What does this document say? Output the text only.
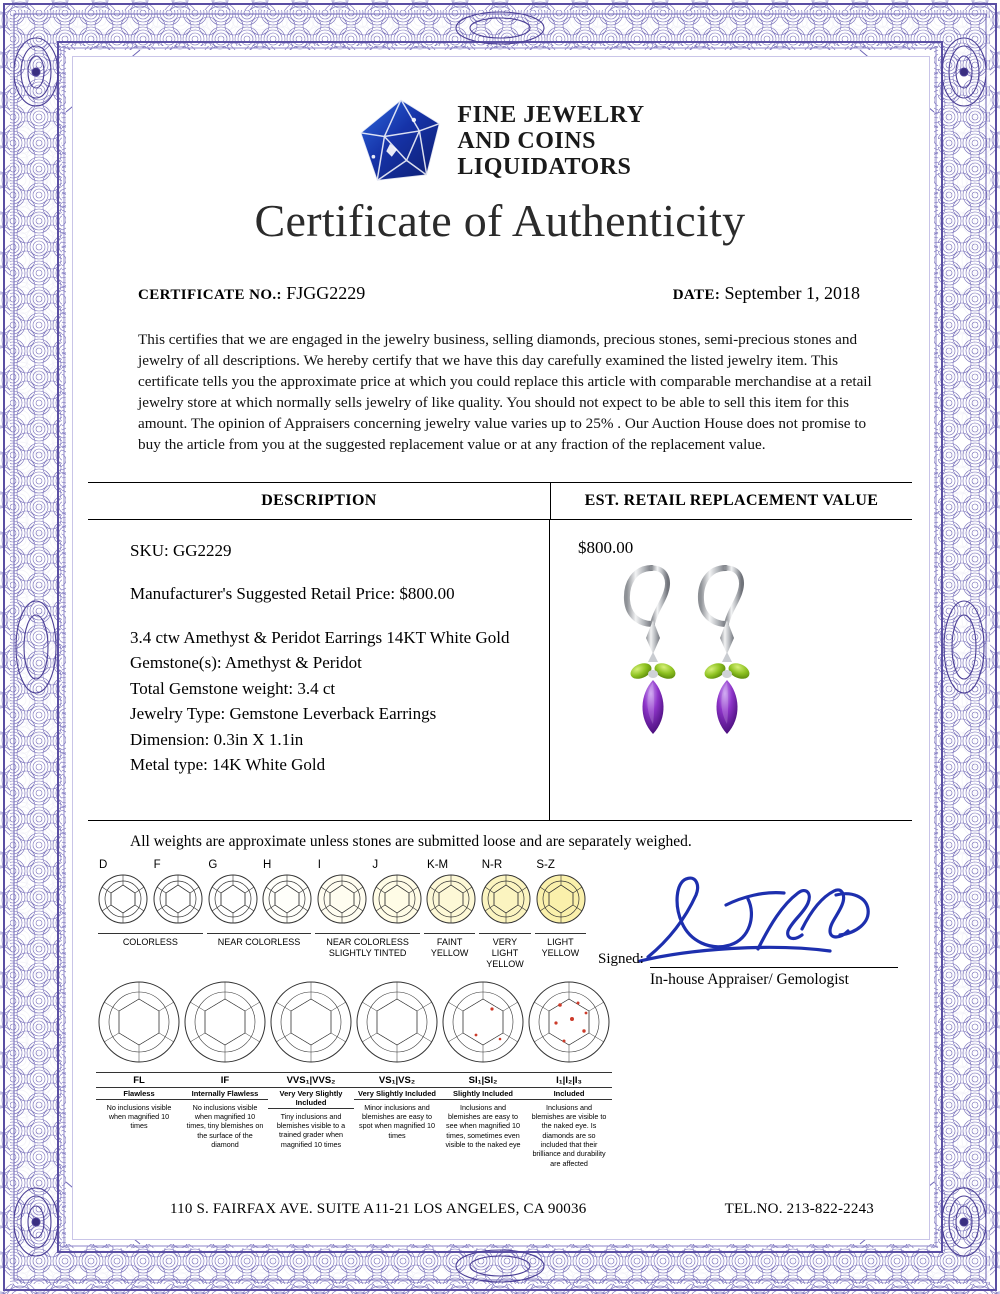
FINE JEWELRY
AND COINS
LIQUIDATORS
Certificate of Authenticity
CERTIFICATE NO.: FJGG2229	DATE: September 1, 2018
This certifies that we are engaged in the jewelry business, selling diamonds, precious stones, semi-precious stones and jewelry of all descriptions. We hereby certify that we have this day carefully examined the listed jewelry item. This certificate tells you the approximate price at which you could replace this article with comparable merchandise at a retail jewelry store at which normally sells jewelry of like quality. You should not expect to be able to sell this item for this amount. The opinion of Appraisers concerning jewelry value varies up to 25% . Our Auction House does not promise to buy the article from you at the suggested replacement value or at any fraction of the replacement value.
DESCRIPTION	EST. RETAIL REPLACEMENT VALUE
SKU: GG2229
Manufacturer's Suggested Retail Price: $800.00
3.4 ctw Amethyst & Peridot Earrings 14KT White Gold
Gemstone(s): Amethyst & Peridot
Total Gemstone weight: 3.4 ct
Jewelry Type: Gemstone Leverback Earrings
Dimension: 0.3in X 1.1in
Metal type: 14K White Gold
$800.00
All weights are approximate unless stones are submitted loose and are separately weighed.
D	F	G	H	I	J	K-M	N-R	S-Z
COLORLESS	NEAR COLORLESS	NEAR COLORLESS SLIGHTLY TINTED
FAINT YELLOW
VERY LIGHT YELLOW
LIGHT YELLOW
FL
Flawless
No inclusions visible when magnified 10 times
IF
Internally Flawless
No inclusions visible when magnified 10 times, tiny blemishes on the surface of the diamond
VVS₁|VVS₂
Very Very Slightly Included
Tiny inclusions and blemishes visible to a trained grader when magnified 10 times
VS₁|VS₂
Very Slightly Included
Minor inclusions and blemishes are easy to spot when magnified 10 times
SI₁|SI₂
Slightly Included
Inclusions and blemishes are easy to see when magnified 10 times, sometimes even visible to the naked eye
I₁|I₂|I₃
Included
Inclusions and blemishes are visible to the naked eye. Is diamonds are so included that their brilliance and durability are affected
Signed:
In-house Appraiser/ Gemologist
110 S. FAIRFAX AVE. SUITE A11-21 LOS ANGELES, CA 90036	TEL.NO. 213-822-2243
